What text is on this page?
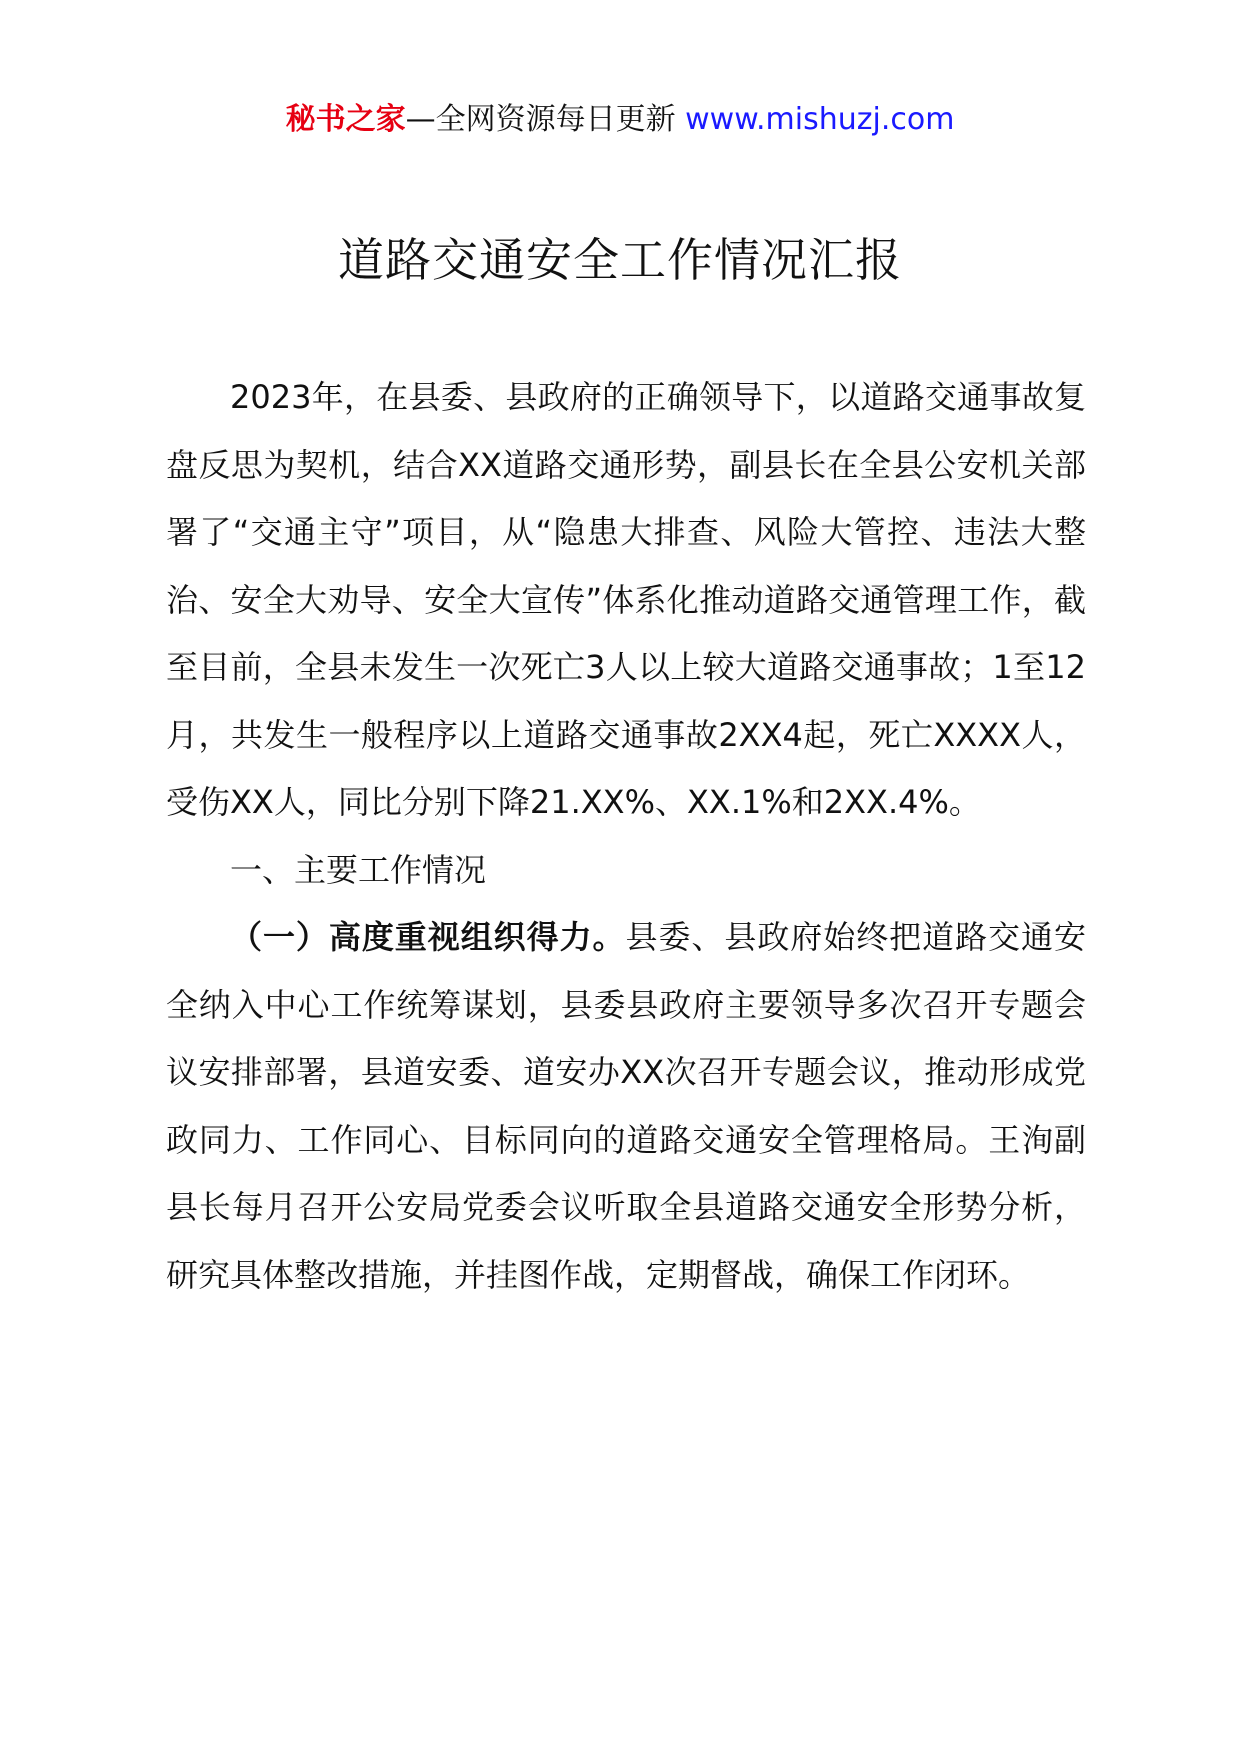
秘书之家—全网资源每日更新 www.mishuzj.com
道路交通安全工作情况汇报

2023年，在县委、县政府的正确领导下，以道路交通事故复盘反思为契机，结合XX道路交通形势，副县长在全县公安机关部署了“交通主守”项目，从“隐患大排查、风险大管控、违法大整治、安全大劝导、安全大宣传”体系化推动道路交通管理工作，截至目前，全县未发生一次死亡3人以上较大道路交通事故；1至12月，共发生一般程序以上道路交通事故2XX4起，死亡XXXX人，受伤XX人，同比分别下降21.XX%、XX.1%和2XX.4%。

一、主要工作情况

（一）高度重视组织得力。县委、县政府始终把道路交通安全纳入中心工作统筹谋划，县委县政府主要领导多次召开专题会议安排部署，县道安委、道安办XX次召开专题会议，推动形成党政同力、工作同心、目标同向的道路交通安全管理格局。王洵副县长每月召开公安局党委会议听取全县道路交通安全形势分析，研究具体整改措施，并挂图作战，定期督战，确保工作闭环。
